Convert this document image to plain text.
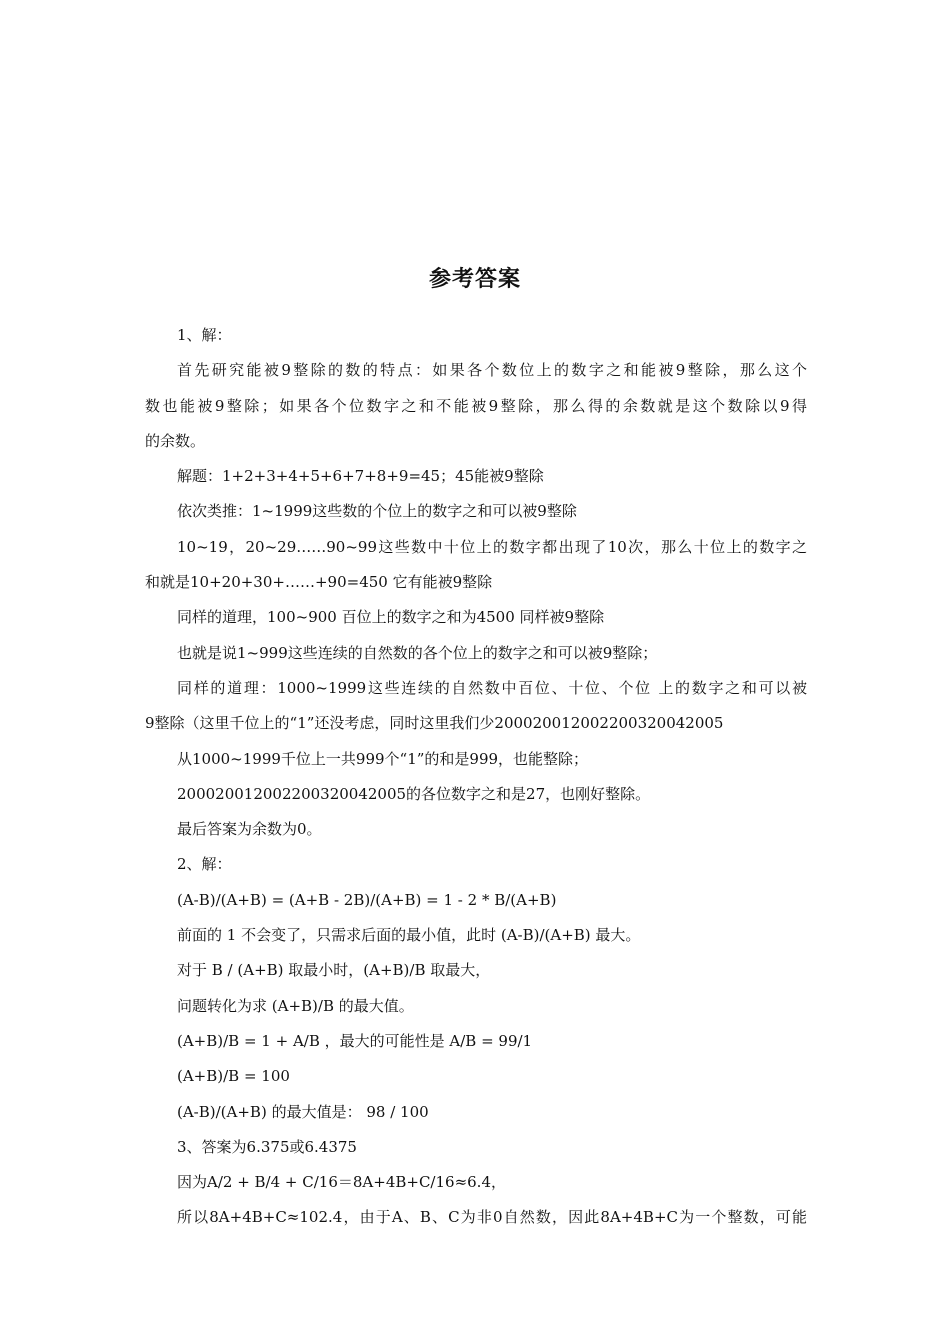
参考答案
1、解：
首先研究能被9整除的数的特点：如果各个数位上的数字之和能被9整除，那么这个
数也能被9整除；如果各个位数字之和不能被9整除，那么得的余数就是这个数除以9得
的余数。
解题：1+2+3+4+5+6+7+8+9=45；45能被9整除
依次类推：1~1999这些数的个位上的数字之和可以被9整除
10~19，20~29……90~99这些数中十位上的数字都出现了10次，那么十位上的数字之
和就是10+20+30+……+90=450 它有能被9整除
同样的道理，100~900 百位上的数字之和为4500 同样被9整除
也就是说1~999这些连续的自然数的各个位上的数字之和可以被9整除；
同样的道理：1000~1999这些连续的自然数中百位、十位、个位 上的数字之和可以被
9整除（这里千位上的“1”还没考虑，同时这里我们少200020012002200320042005
从1000~1999千位上一共999个“1”的和是999，也能整除；
200020012002200320042005的各位数字之和是27，也刚好整除。
最后答案为余数为0。
2、解：
(A-B)/(A+B) = (A+B - 2B)/(A+B) = 1 - 2 * B/(A+B)
前面的 1 不会变了，只需求后面的最小值，此时 (A-B)/(A+B) 最大。
对于 B / (A+B) 取最小时，(A+B)/B 取最大，
问题转化为求 (A+B)/B 的最大值。
(A+B)/B = 1 + A/B ，最大的可能性是 A/B = 99/1
(A+B)/B = 100
(A-B)/(A+B) 的最大值是： 98 / 100
3、答案为6.375或6.4375
因为A/2 + B/4 + C/16＝8A+4B+C/16≈6.4，
所以8A+4B+C≈102.4，由于A、B、C为非0自然数，因此8A+4B+C为一个整数，可能
